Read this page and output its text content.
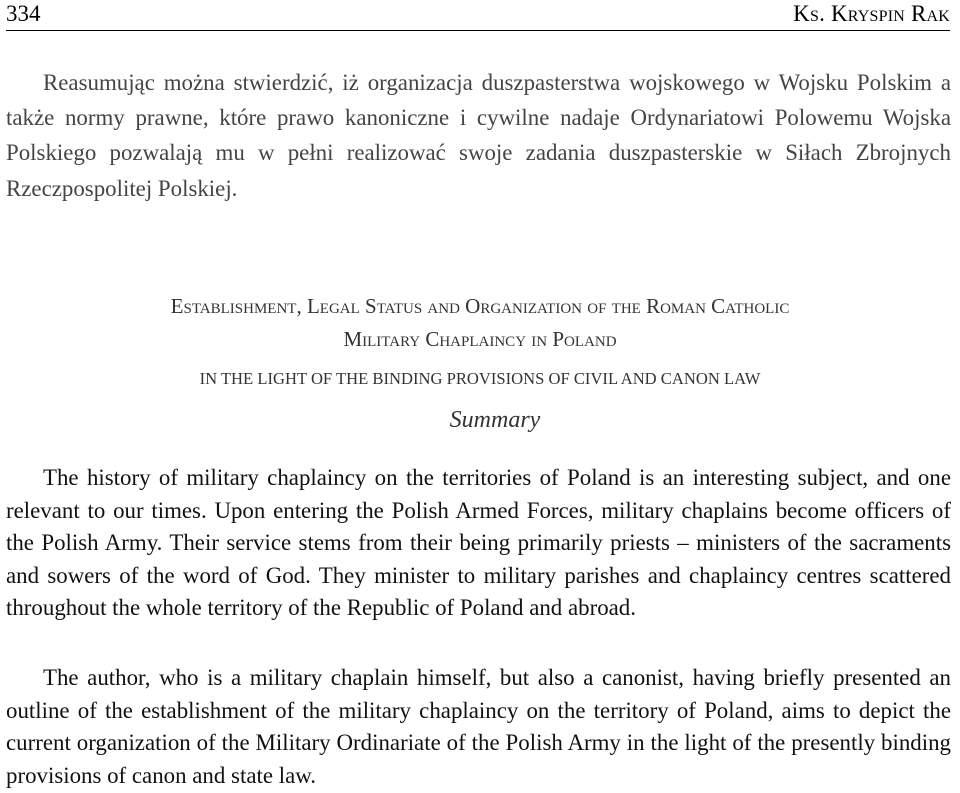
334	Ks. Kryspin Rak

Reasumując można stwierdzić, iż organizacja duszpasterstwa wojskowego w Wojsku Polskim a także normy prawne, które prawo kanoniczne i cywilne nadaje Ordynariatowi Polowemu Wojska Polskiego pozwalają mu w pełni realizować swoje zadania duszpasterskie w Siłach Zbrojnych Rzeczpospolitej Polskiej.

Establishment, Legal Status and Organization of the Roman Catholic
Military Chaplaincy in Poland
IN THE LIGHT OF THE BINDING PROVISIONS OF CIVIL AND CANON LAW
Summary

The history of military chaplaincy on the territories of Poland is an interesting subject, and one relevant to our times. Upon entering the Polish Armed Forces, military chaplains become officers of the Polish Army. Their service stems from their being primarily priests – ministers of the sacraments and sowers of the word of God. They minister to military parishes and chaplaincy centres scattered throughout the whole territory of the Republic of Poland and abroad.

The author, who is a military chaplain himself, but also a canonist, having briefly presented an outline of the establishment of the military chaplaincy on the territory of Poland, aims to depict the current organization of the Military Ordinariate of the Polish Army in the light of the presently binding provisions of canon and state law.
